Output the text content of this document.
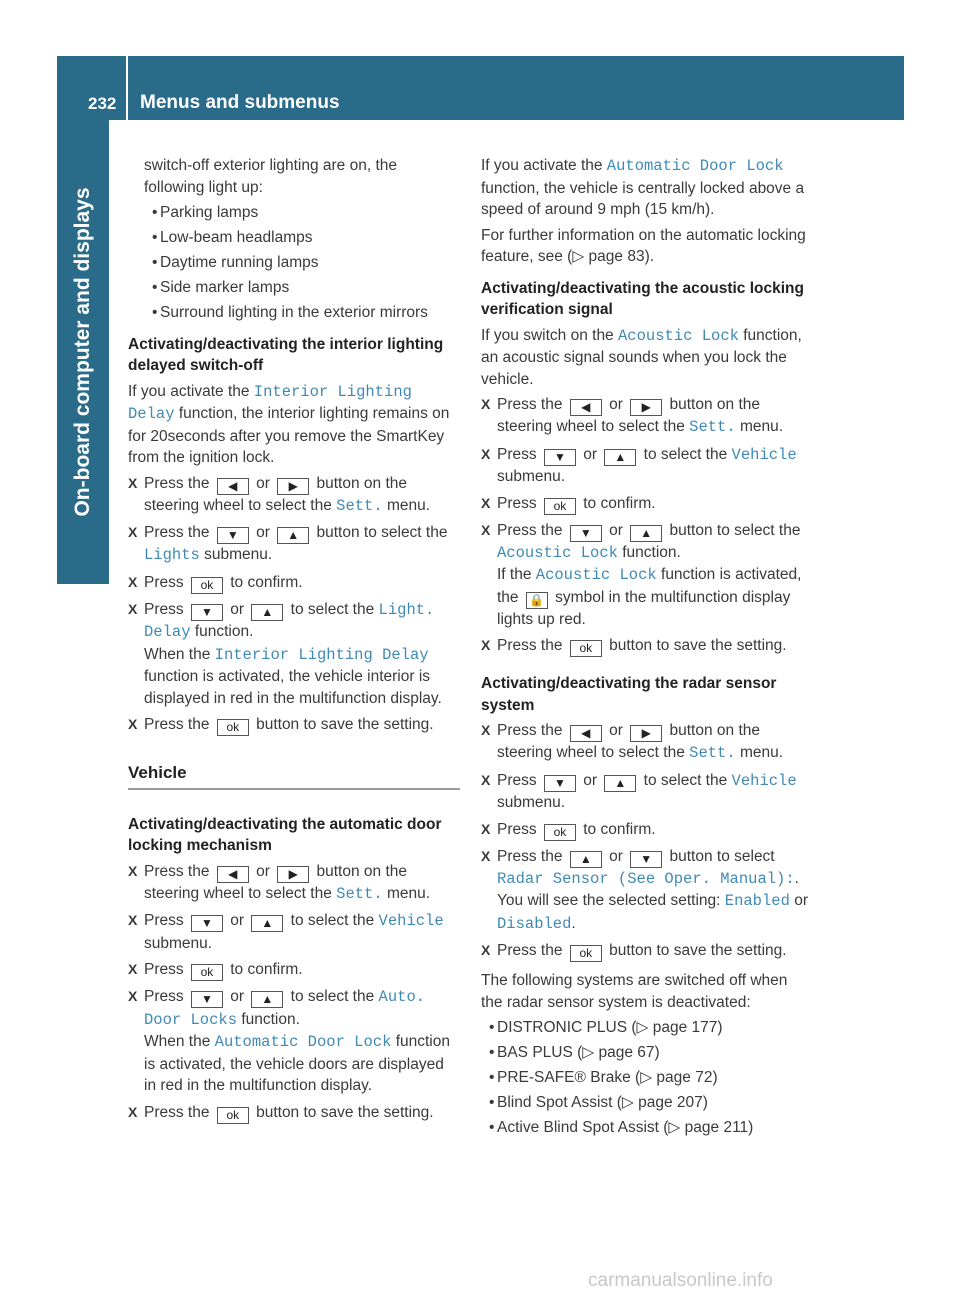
232	Menus and submenus
On-board computer and displays

switch-off exterior lighting are on, the
following light up:

• Parking lamps
• Low-beam headlamps
• Daytime running lamps
• Side marker lamps
• Surround lighting in the exterior mirrors
Activating/deactivating the interior lighting delayed switch-off

If you activate the Interior Lighting Delay function, the interior lighting remains on for 20seconds after you remove the SmartKey from the ignition lock.

X Press the ◀ or ▶ button on the steering wheel to select the Sett. menu.
X Press the ▼ or ▲ button to select the Lights submenu.
X Press ok to confirm.
X Press ▼ or ▲ to select the Light. Delay function.
When the Interior Lighting Delay function is activated, the vehicle interior is displayed in red in the multifunction display.
X Press the ok button to save the setting.
Vehicle
Activating/deactivating the automatic door locking mechanism
X Press the ◀ or ▶ button on the steering wheel to select the Sett. menu.
X Press ▼ or ▲ to select the Vehicle submenu.
X Press ok to confirm.
X Press ▼ or ▲ to select the Auto. Door Locks function.
When the Automatic Door Lock function is activated, the vehicle doors are displayed in red in the multifunction display.
X Press the ok button to save the setting.

If you activate the Automatic Door Lock function, the vehicle is centrally locked above a speed of around 9 mph (15 km/h).

For further information on the automatic locking feature, see (▷ page 83).

Activating/deactivating the acoustic locking verification signal

If you switch on the Acoustic Lock function, an acoustic signal sounds when you lock the vehicle.

X Press the ◀ or ▶ button on the steering wheel to select the Sett. menu.
X Press ▼ or ▲ to select the Vehicle submenu.
X Press ok to confirm.
X Press the ▼ or ▲ button to select the Acoustic Lock function.
If the Acoustic Lock function is activated, the 🔒 symbol in the multifunction display lights up red.
X Press the ok button to save the setting.
Activating/deactivating the radar sensor system
X Press the ◀ or ▶ button on the steering wheel to select the Sett. menu.
X Press ▼ or ▲ to select the Vehicle submenu.
X Press ok to confirm.
X Press the ▲ or ▼ button to select Radar Sensor (See Oper. Manual):.
You will see the selected setting: Enabled or Disabled.
X Press the ok button to save the setting.

The following systems are switched off when the radar sensor system is deactivated:

• DISTRONIC PLUS (▷ page 177)
• BAS PLUS (▷ page 67)
• PRE-SAFE® Brake (▷ page 72)
• Blind Spot Assist (▷ page 207)
• Active Blind Spot Assist (▷ page 211)
carmanualsonline.info
